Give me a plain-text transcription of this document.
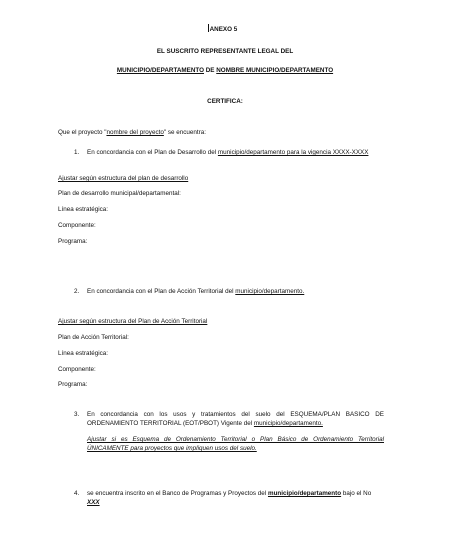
ANEXO 5
EL SUSCRITO REPRESENTANTE LEGAL DEL
MUNICIPIO/DEPARTAMENTO DE NOMBRE MUNICIPIO/DEPARTAMENTO
CERTIFICA:
Que el proyecto "nombre del proyecto" se encuentra:
1. En concordancia con el Plan de Desarrollo del municipio/departamento para la vigencia XXXX-XXXX
Ajustar según estructura del plan de desarrollo
Plan de desarrollo municipal/departamental:
Línea estratégica:
Componente:
Programa:
2. En concordancia con el Plan de Acción Territorial del municipio/departamento.
Ajustar según estructura del Plan de Acción Territorial
Plan de Acción Territorial:
Línea estratégica:
Componente:
Programa:
3. En concordancia con los usos y tratamientos del suelo del ESQUEMA/PLAN BASICO DE
ORDENAMIENTO TERRITORIAL (EOT/PBOT) Vigente del municipio/departamento.
Ajustar si es Esquema de Ordenamiento Territorial o Plan Básico de Ordenamiento Territorial
ÚNICAMENTE para proyectos que impliquen usos del suelo.
4. se encuentra inscrito en el Banco de Programas y Proyectos del municipio/departamento bajo el No
XXX
